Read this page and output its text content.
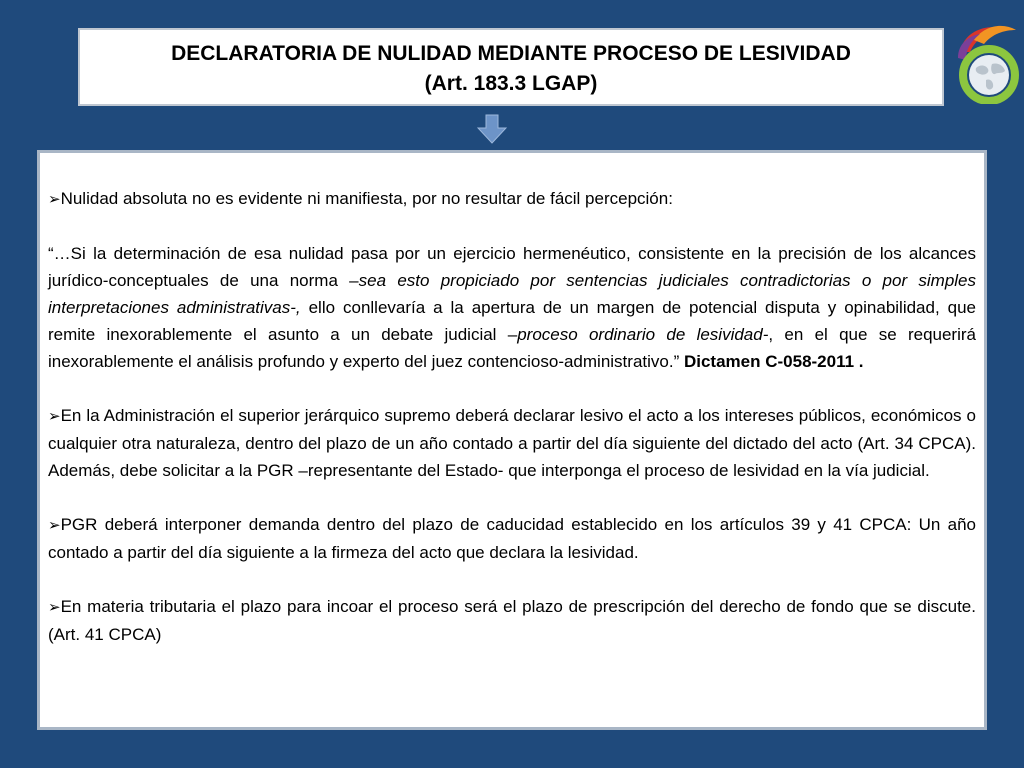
DECLARATORIA DE NULIDAD MEDIANTE PROCESO DE LESIVIDAD
(Art. 183.3 LGAP)

➢Nulidad absoluta no es evidente ni manifiesta, por no resultar de fácil percepción:

“…Si la determinación de esa nulidad pasa por un ejercicio hermenéutico, consistente en la precisión de los alcances jurídico-conceptuales de una norma –sea esto propiciado por sentencias judiciales contradictorias o por simples interpretaciones administrativas-, ello conllevaría a la apertura de un margen de potencial disputa y opinabilidad, que remite inexorablemente el asunto a un debate judicial –proceso ordinario de lesividad-, en el que se requerirá inexorablemente el análisis profundo y experto del juez contencioso-administrativo.” Dictamen C-058-2011 .

➢En la Administración el superior jerárquico supremo deberá declarar lesivo el acto a los intereses públicos, económicos o cualquier otra naturaleza, dentro del plazo de un año contado a partir del día siguiente del dictado del acto (Art. 34 CPCA). Además, debe solicitar a la PGR –representante del Estado- que interponga el proceso de lesividad en la vía judicial.

➢PGR deberá interponer demanda dentro del plazo de caducidad establecido en los artículos 39 y 41 CPCA: Un año contado a partir del día siguiente a la firmeza del acto que declara la lesividad.

➢En materia tributaria el plazo para incoar el proceso será el plazo de prescripción del derecho de fondo que se discute. (Art. 41 CPCA)
